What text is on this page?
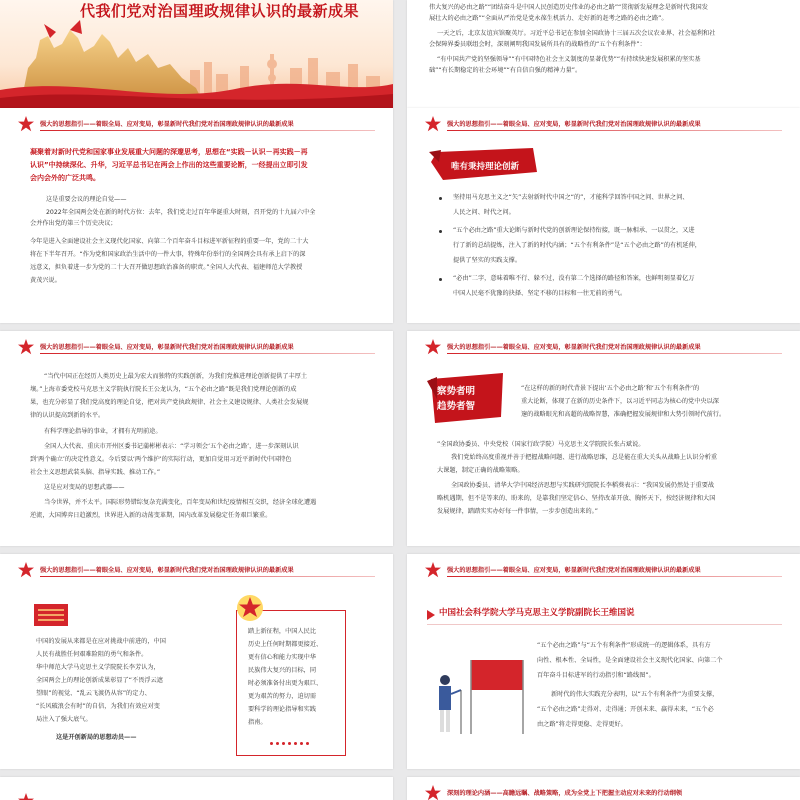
代我们党对治国理政规律认识的最新成果	伟大复兴的必由之路”“团结奋斗是中国人民创造历史伟业的必由之路”“贯彻新发展理念是新时代我国发
展壮大的必由之路”“全面从严治党是党永葆生机活力、走好新的赶考之路的必由之路”。
一天之后，北京友谊宾馆聚英厅。习近平总书记在参加全国政协十三届五次会议农业界、社会福利和社
会保障界委员联组会时，深刻阐明我国发展所具有的战略性的“五个有利条件”：
“有中国共产党的坚强领导”“有中国特色社会主义制度的显著优势”“有持续快速发展积累的坚实基
础”“有长期稳定的社会环境”“有自信自强的精神力量”。
强大的思想指引——着眼全局、应对变局，彰显新时代我们党对治国理政规律认识的最新成果
凝聚着对新时代党和国家事业发展重大问题的深邃思考，思想在“实践－认识－再实践－再
认识”中持续深化、升华，习近平总书记在两会上作出的这些重要论断，一经提出立即引发
会内会外的广泛共鸣。
这是重要会议的理论自觉——
2022年全国两会处在新的时代方位：去年，我们党走过百年华诞重大时刻，召开党的十九届六中全
会并作出党的第三个历史决议；
今年是进入全面建设社会主义现代化国家、向第二个百年奋斗目标进军新征程的重要一年，党的二十大
将在下半年召开。“作为党和国家政治生活中的一件大事，特殊年份举行的全国两会具有承上启下的深
远意义，担负着进一步为党的二十大召开做思想政治准备的职责。”全国人大代表、福建师范大学教授
黄茂兴说。
强大的思想指引——着眼全局、应对变局，彰显新时代我们党对治国理政规律认识的最新成果
唯有秉持理论创新
坚持用马克思主义之“矢”去射新时代中国之“的”，才能科学回答中国之问、世界之问、
人民之问、时代之问。
“五个必由之路”重大论断与新时代党的创新理论保持衔接，既一脉相承、一以贯之，又进
行了新的总结提炼，注入了新的时代内涵；“五个有利条件”是“五个必由之路”的有机延伸，
提供了坚实的实践支撑。
“必由”二字，意味着唯不行、躲不过，没有第二个选择的路径和答案，也鲜明刻显着亿万
中国人民毫不犹豫的抉择、坚定不移的目标和一往无前的勇气。
强大的思想指引——着眼全局、应对变局，彰显新时代我们党对治国理政规律认识的最新成果
“当代中国正在经历人类历史上最为宏大而独特的实践创新，为我们党推进理论创新提供了丰厚土
壤。”上海市委党校马克思主义学院执行院长王公龙认为，“五个必由之路”既是我们党理论创新的成
果，也充分彰显了我们党高度的理论自觉，把对共产党执政规律、社会主义建设规律、人类社会发展规
律的认识提高到新的水平。
有科学理论指导的事业，才拥有光明前途。
全国人大代表、重庆市开州区委书记蒲彬彬表示：“学习领会‘五个必由之路’，进一步深刻认识
到‘两个确立’的决定性意义。今后要以‘两个维护’的实际行动，更加自觉用习近平新时代中国特色
社会主义思想武装头脑、指导实践、推动工作。”
这是应对变局的思想武器——
当今世界，并不太平。国际形势错综复杂充满变化，百年变局和世纪疫情相互交织，经济全球化遭遇
逆流，大国博弈日趋激烈，世界进入新的动荡变革期，国内改革发展稳定任务艰巨繁重。
强大的思想指引——着眼全局、应对变局，彰显新时代我们党对治国理政规律认识的最新成果
察势者明
趋势者智
“在这样的新的时代背景下提出‘五个必由之路’和‘五个有利条件’的
重大论断，体现了在新的历史条件下，以习近平同志为核心的党中央以深
邃的战略眼光和高超的战略智慧，准确把握发展规律和大势引领时代前行。
”全国政协委员、中央党校（国家行政学院）马克思主义学院院长张占斌说。
我们党始终高度重视并善于把握战略问题、进行战略思维，总是能在重大关头从战略上认识分析重
大课题，制定正确的战略策略。
全国政协委员、清华大学中国经济思想与实践研究院院长李稻葵表示：“我国发展仍然处于重要战
略机遇期，但不是等来的、盼来的，是靠我们坚定信心、坚持改革开放、胸怀天下，按经济规律和大国
发展规律，踏踏实实办好每一件事情，一步步创造出来的。”
强大的思想指引——着眼全局、应对变局，彰显新时代我们党对治国理政规律认识的最新成果
中国的发展从来都是在应对挑战中前进的，中国
人民有战胜任何艰难险阻的勇气和条件。
华中师范大学马克思主义学院院长李芳认为，
全国两会上的理论创新成果彰显了“不畏浮云遮
望眼”的视觉、“乱云飞渡仍从容”的定力、
“长风破浪会有时”的自信，为我们有效应对变
局注入了强大底气。
这是开创新局的思想动员——
踏上新征程，中国人民比
历史上任何时期都更接近、
更有信心和能力实现中华
民族伟大复兴的目标，同
时必须准备付出更为艰巨、
更为艰苦的努力，迫切需
要科学的理论指导和实践
指南。
强大的思想指引——着眼全局、应对变局，彰显新时代我们党对治国理政规律认识的最新成果
中国社会科学院大学马克思主义学院副院长王维国说
“五个必由之路”与“五个有利条件”形成统一的逻辑体系，具有方
向性、根本性、全局性，是全面建设社会主义现代化国家、向第二个
百年奋斗目标进军的行动指引和“路线图”。
新时代的伟大实践充分表明，以“五个有利条件”为重要支撑，
“五个必由之路”走得对、走得通；开创未来、赢得未来，“五个必
由之路”将走得更稳、走得更好。
深刻的理论内涵——高瞻远瞩、战略策略，成为全党上下把握主动应对未来的行动纲领
